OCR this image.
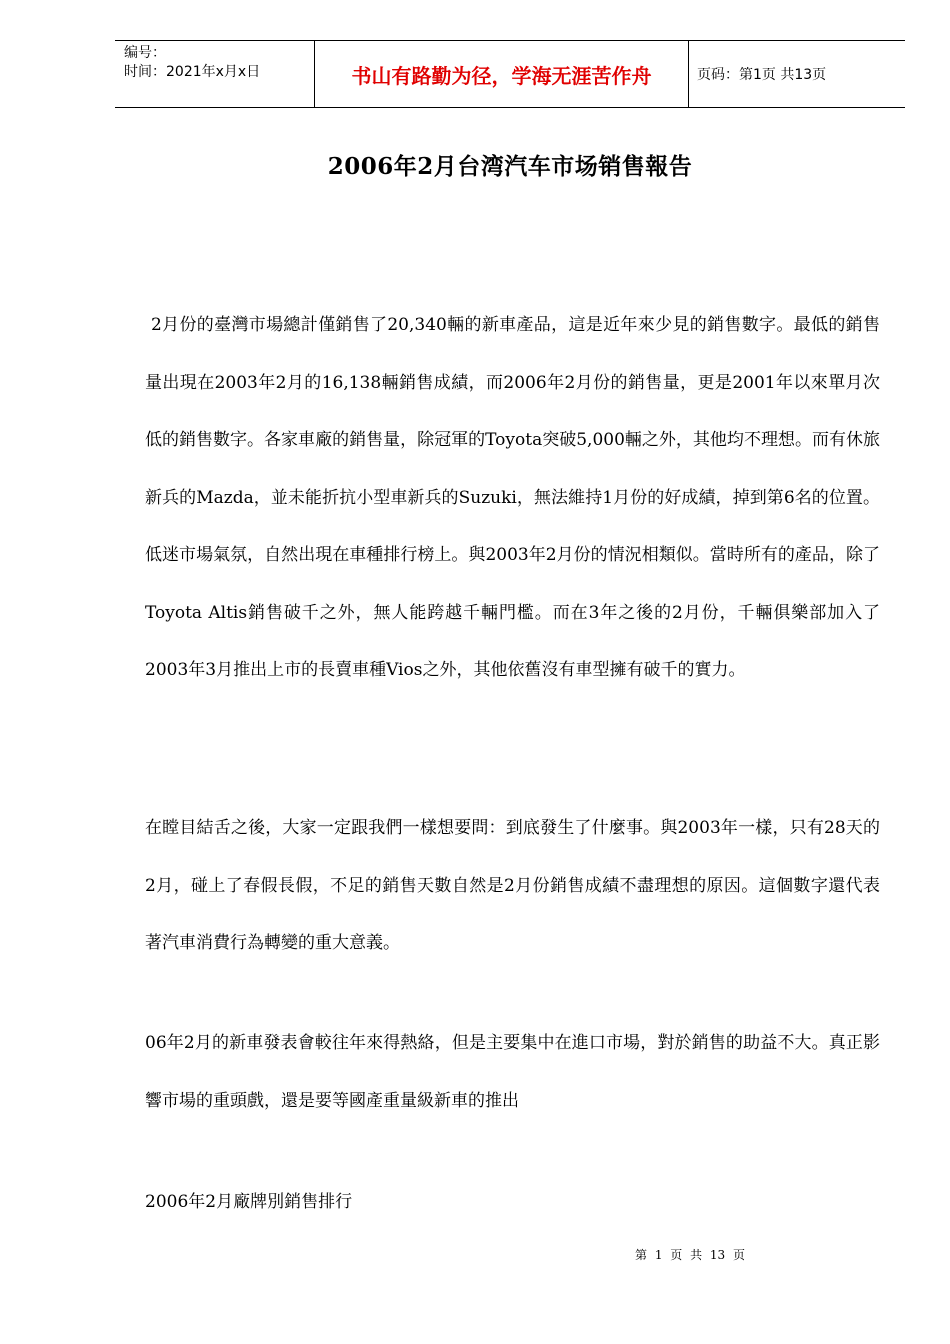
编号：
时间：2021年x月x日	书山有路勤为径，学海无涯苦作舟	页码：第1页 共13页
2006年2月台湾汽车市场销售報告

2月份的臺灣市場總計僅銷售了20,340輛的新車產品，這是近年來少見的銷售數字。最低的銷售量出現在2003年2月的16,138輛銷售成績，而2006年2月份的銷售量，更是2001年以來單月次低的銷售數字。各家車廠的銷售量，除冠軍的Toyota突破5,000輛之外，其他均不理想。而有休旅新兵的Mazda，並未能折抗小型車新兵的Suzuki，無法維持1月份的好成績，掉到第6名的位置。低迷市場氣氛，自然出現在車種排行榜上。與2003年2月份的情況相類似。當時所有的產品，除了Toyota Altis銷售破千之外，無人能跨越千輛門檻。而在3年之後的2月份，千輛俱樂部加入了2003年3月推出上市的長賣車種Vios之外，其他依舊沒有車型擁有破千的實力。

在瞠目結舌之後，大家一定跟我們一樣想要問：到底發生了什麼事。與2003年一樣，只有28天的2月，碰上了春假長假，不足的銷售天數自然是2月份銷售成績不盡理想的原因。這個數字還代表著汽車消費行為轉變的重大意義。

06年2月的新車發表會較往年來得熱絡，但是主要集中在進口市場，對於銷售的助益不大。真正影響市場的重頭戲，還是要等國產重量級新車的推出

2006年2月廠牌別銷售排行

第 1 页 共 13 页
